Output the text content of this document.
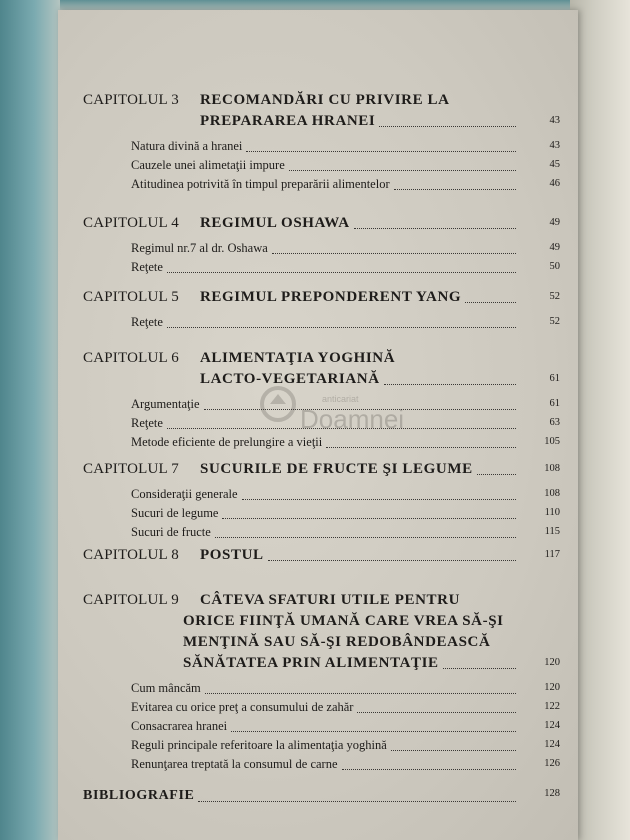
anticariat
Doamnei
CAPITOLUL 3 RECOMANDĂRI CU PRIVIRE LA
PREPARAREA HRANEI	43
Natura divină a hranei	43
Cauzele unei alimetaţii impure	45
Atitudinea potrivită în timpul preparării alimentelor	46
CAPITOLUL 4 REGIMUL OSHAWA	49
Regimul nr.7 al dr. Oshawa	49
Reţete	50
CAPITOLUL 5 REGIMUL PREPONDERENT YANG	52
Reţete	52
CAPITOLUL 6 ALIMENTAŢIA YOGHINĂ
LACTO-VEGETARIANĂ	61
Argumentaţie	61
Reţete	63
Metode eficiente de prelungire a vieţii	105
CAPITOLUL 7 SUCURILE DE FRUCTE ŞI LEGUME	108
Consideraţii generale	108
Sucuri de legume	110
Sucuri de fructe	115
CAPITOLUL 8 POSTUL	117
CAPITOLUL 9 CÂTEVA SFATURI UTILE PENTRU
ORICE FIINŢĂ UMANĂ CARE VREA SĂ-ŞI
MENŢINĂ SAU SĂ-ŞI REDOBÂNDEASCĂ
SĂNĂTATEA PRIN ALIMENTAŢIE	120
Cum mâncăm	120
Evitarea cu orice preţ a consumului de zahăr	122
Consacrarea hranei	124
Reguli principale referitoare la alimentaţia yoghină	124
Renunţarea treptată la consumul de carne	126
BIBLIOGRAFIE	128
